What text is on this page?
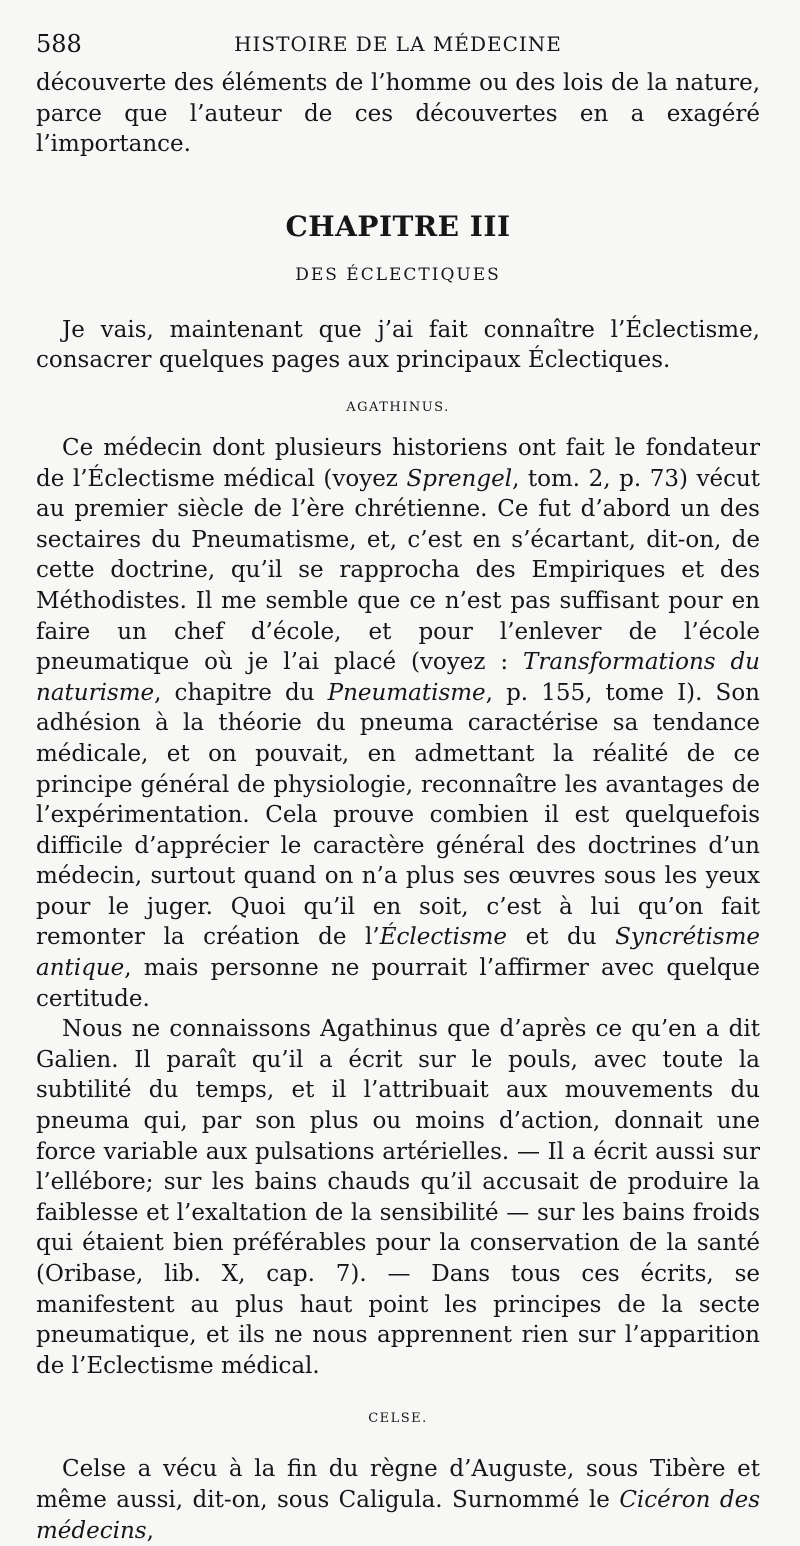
588	HISTOIRE DE LA MÉDECINE

découverte des éléments de l’homme ou des lois de la nature, parce que l’auteur de ces découvertes en a exagéré l’importance.

CHAPITRE III
DES ÉCLECTIQUES

Je vais, maintenant que j’ai fait connaître l’Éclectisme, consacrer quelques pages aux principaux Éclectiques.

AGATHINUS.

Ce médecin dont plusieurs historiens ont fait le fondateur de l’Éclectisme médical (voyez Sprengel, tom. 2, p. 73) vécut au premier siècle de l’ère chrétienne. Ce fut d’abord un des sectaires du Pneumatisme, et, c’est en s’écartant, dit-on, de cette doctrine, qu’il se rapprocha des Empiriques et des Méthodistes. Il me semble que ce n’est pas suffisant pour en faire un chef d’école, et pour l’enlever de l’école pneumatique où je l’ai placé (voyez : Transformations du naturisme, chapitre du Pneumatisme, p. 155, tome I). Son adhésion à la théorie du pneuma caractérise sa tendance médicale, et on pouvait, en admettant la réalité de ce principe général de physiologie, reconnaître les avantages de l’expérimentation. Cela prouve combien il est quelquefois difficile d’apprécier le caractère général des doctrines d’un médecin, surtout quand on n’a plus ses œuvres sous les yeux pour le juger. Quoi qu’il en soit, c’est à lui qu’on fait remonter la création de l’Éclectisme et du Syncrétisme antique, mais personne ne pourrait l’affirmer avec quelque certitude.

Nous ne connaissons Agathinus que d’après ce qu’en a dit Galien. Il paraît qu’il a écrit sur le pouls, avec toute la subtilité du temps, et il l’attribuait aux mouvements du pneuma qui, par son plus ou moins d’action, donnait une force variable aux pulsations artérielles. — Il a écrit aussi sur l’ellébore; sur les bains chauds qu’il accusait de produire la faiblesse et l’exaltation de la sensibilité — sur les bains froids qui étaient bien préférables pour la conservation de la santé (Oribase, lib. X, cap. 7). — Dans tous ces écrits, se manifestent au plus haut point les principes de la secte pneumatique, et ils ne nous apprennent rien sur l’apparition de l’Eclectisme médical.

CELSE.

Celse a vécu à la fin du règne d’Auguste, sous Tibère et même aussi, dit-on, sous Caligula. Surnommé le Cicéron des médecins,
